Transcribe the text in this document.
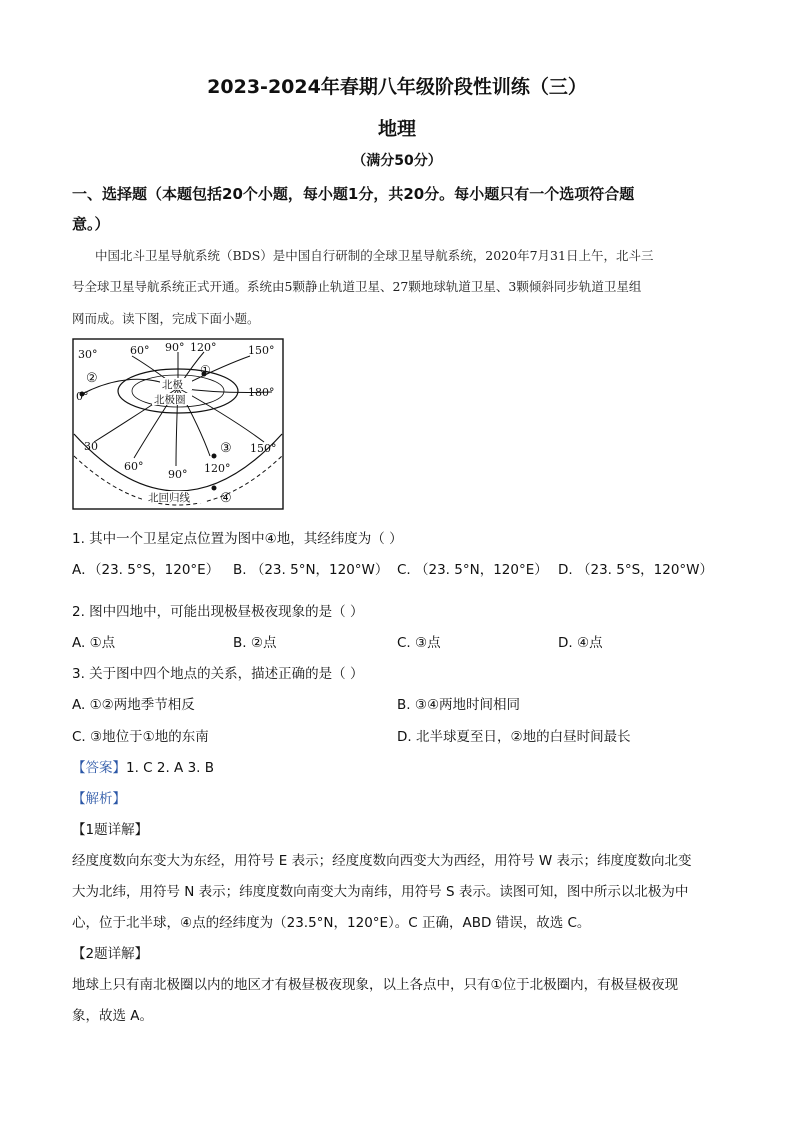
2023-2024年春期八年级阶段性训练（三）
地理
（满分50分）
一、选择题（本题包括20个小题，每小题1分，共20分。每小题只有一个选项符合题
意。）
中国北斗卫星导航系统（BDS）是中国自行研制的全球卫星导航系统，2020年7月31日上午，北斗三
号全球卫星导航系统正式开通。系统由5颗静止轨道卫星、27颗地球轨道卫星、3颗倾斜同步轨道卫星组
网而成。读下图，完成下面小题。
30°	60° 90° 120°	150°
180°
0°
30
60°
90° 120°
150°
北极
北极圈
北回归线
①
②
③
④
1. 其中一个卫星定点位置为图中④地，其经纬度为（ ）
A．（23. 5°S，120°E） B. （23. 5°N，120°W） C. （23. 5°N，120°E） D. （23. 5°S，120°W）
2. 图中四地中，可能出现极昼极夜现象的是（ ）
A. ①点	B. ②点	C. ③点	D. ④点
3. 关于图中四个地点的关系，描述正确的是（ ）
A. ①②两地季节相反	B. ③④两地时间相同
C. ③地位于①地的东南	D. 北半球夏至日，②地的白昼时间最长
【答案】1. C 2. A 3. B
【解析】
【1题详解】
经度度数向东变大为东经，用符号 E 表示；经度度数向西变大为西经，用符号 W 表示；纬度度数向北变
大为北纬，用符号 N 表示；纬度度数向南变大为南纬，用符号 S 表示。读图可知，图中所示以北极为中
心，位于北半球，④点的经纬度为（23.5°N，120°E）。C 正确，ABD 错误，故选 C。
【2题详解】
地球上只有南北极圈以内的地区才有极昼极夜现象，以上各点中，只有①位于北极圈内，有极昼极夜现
象，故选 A。
